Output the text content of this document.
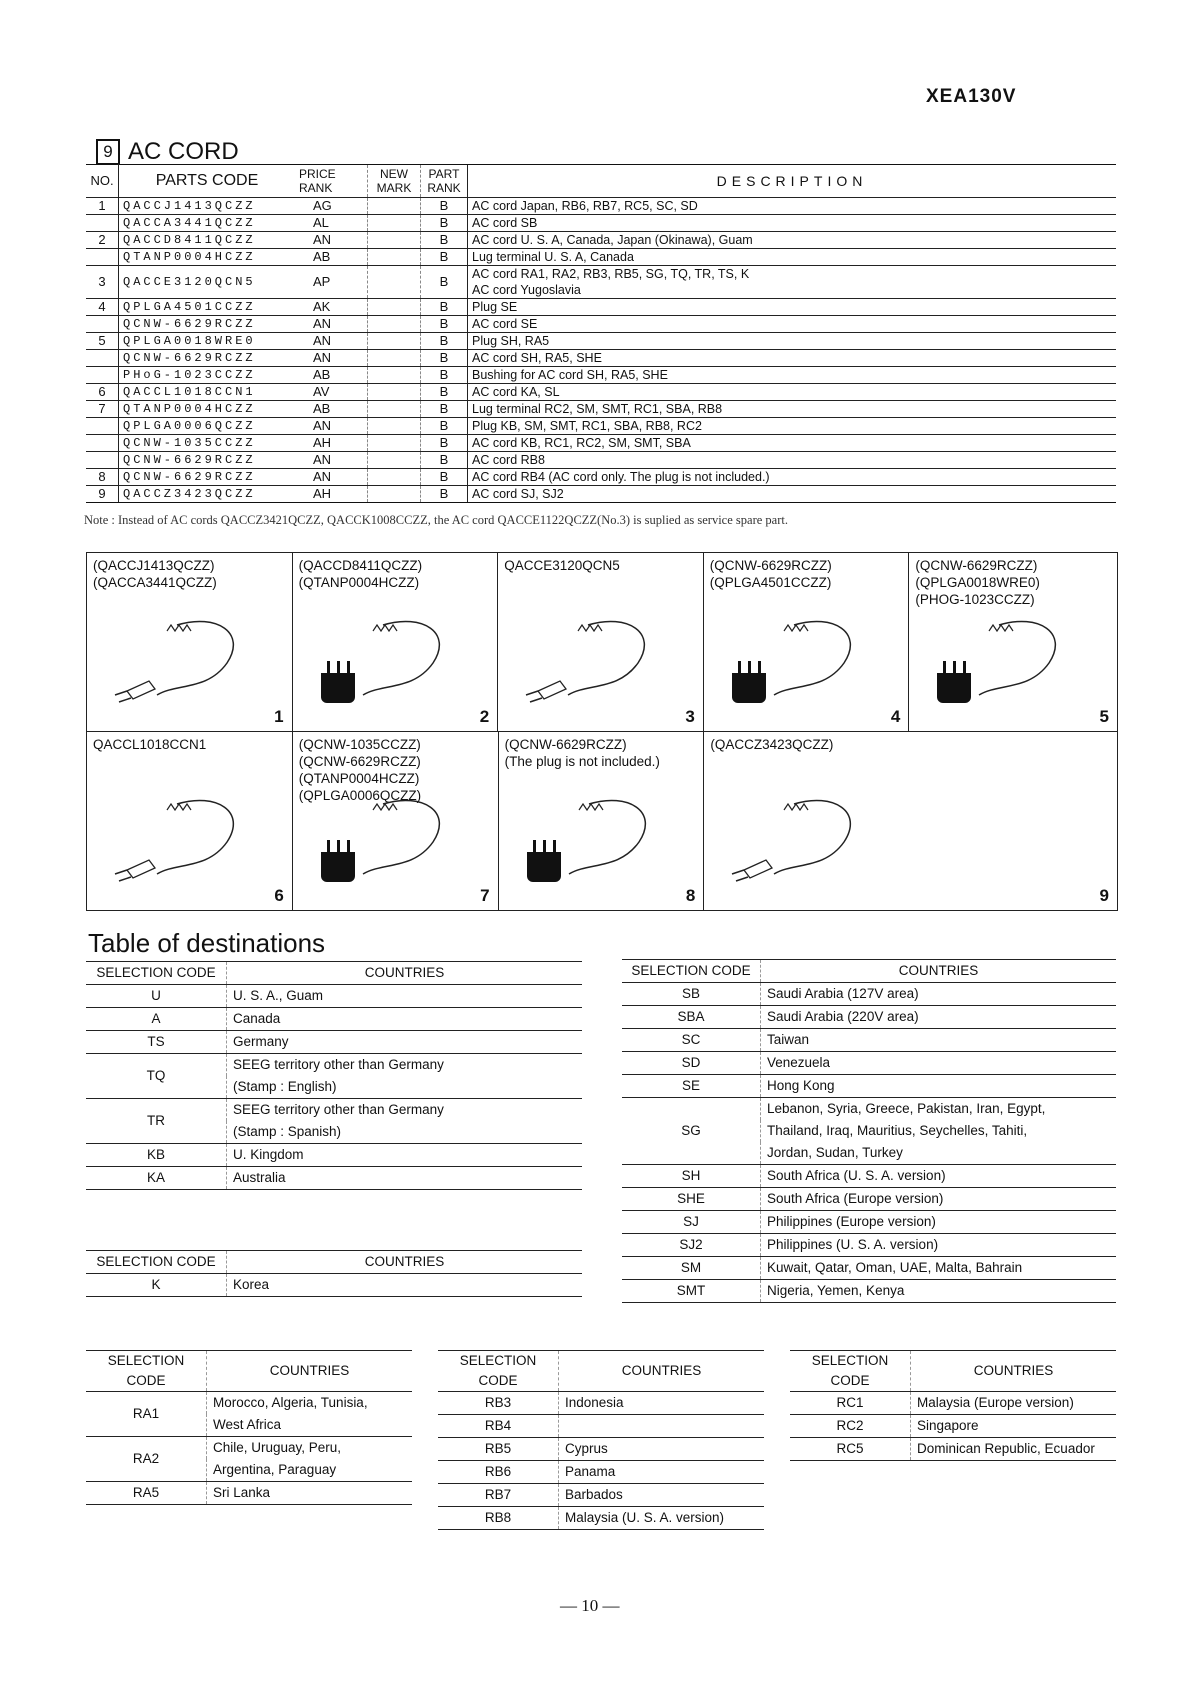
XEA130V
9 AC CORD
NO.	PARTS CODE	PRICE RANK	NEW MARK	PART RANK	DESCRIPTION
1	QACCJ1413QCZZ	AG		B	AC cord Japan, RB6, RB7, RC5, SC, SD
	QACCA3441QCZZ	AL		B	AC cord SB
2	QACCD8411QCZZ	AN		B	AC cord U. S. A, Canada, Japan (Okinawa), Guam
	QTANP0004HCZZ	AB		B	Lug terminal U. S. A, Canada
3	QACCE3120QCN5	AP		B	AC cord RA1, RA2, RB3, RB5, SG, TQ, TR, TS, K
AC cord Yugoslavia

4	QPLGA4501CCZZ	AK		B	Plug SE
	QCNW-6629RCZZ	AN		B	AC cord SE
5	QPLGA0018WRE0	AN		B	Plug SH, RA5
	QCNW-6629RCZZ	AN		B	AC cord SH, RA5, SHE
	PHoG-1023CCZZ	AB		B	Bushing for AC cord SH, RA5, SHE
6	QACCL1018CCN1	AV		B	AC cord KA, SL
7	QTANP0004HCZZ	AB		B	Lug terminal RC2, SM, SMT, RC1, SBA, RB8
	QPLGA0006QCZZ	AN		B	Plug KB, SM, SMT, RC1, SBA, RB8, RC2
	QCNW-1035CCZZ	AH		B	AC cord KB, RC1, RC2, SM, SMT, SBA
	QCNW-6629RCZZ	AN		B	AC cord RB8
8	QCNW-6629RCZZ	AN		B	AC cord RB4 (AC cord only. The plug is not included.)
9	QACCZ3423QCZZ	AH		B	AC cord SJ, SJ2
Note : Instead of AC cords QACCZ3421QCZZ, QACCK1008CCZZ, the AC cord QACCE1122QCZZ(No.3) is suplied as service spare part.
(QACCJ1413QCZZ)
(QACCA3441QCZZ)
1
(QACCD8411QCZZ)
(QTANP0004HCZZ)
2
QACCE3120QCN5
3
(QCNW-6629RCZZ)
(QPLGA4501CCZZ)
4
(QCNW-6629RCZZ)
(QPLGA0018WRE0)
(PHOG-1023CCZZ)
5
QACCL1018CCN1
6
(QCNW-1035CCZZ)
(QCNW-6629RCZZ)
(QTANP0004HCZZ)
(QPLGA0006QCZZ)
7
(QCNW-6629RCZZ)
(The plug is not included.)
8
(QACCZ3423QCZZ)
9
Table of destinations
SELECTION CODE	COUNTRIES
U	U. S. A., Guam
A	Canada
TS	Germany
TQ	SEEG territory other than Germany
	(Stamp : English)
TR	SEEG territory other than Germany
	(Stamp : Spanish)
KB	U. Kingdom
KA	Australia
SELECTION CODE	COUNTRIES
K	Korea
SELECTION CODE	COUNTRIES
SB	Saudi Arabia (127V area)
SBA	Saudi Arabia (220V area)
SC	Taiwan
SD	Venezuela
SE	Hong Kong
SG	Lebanon, Syria, Greece, Pakistan, Iran, Egypt,
	Thailand, Iraq, Mauritius, Seychelles, Tahiti,
	Jordan, Sudan, Turkey
SH	South Africa (U. S. A. version)
SHE	South Africa (Europe version)
SJ	Philippines (Europe version)
SJ2	Philippines (U. S. A. version)
SM	Kuwait, Qatar, Oman, UAE, Malta, Bahrain
SMT	Nigeria, Yemen, Kenya
SELECTION CODE	COUNTRIES
RA1	Morocco, Algeria, Tunisia,
	West Africa
RA2	Chile, Uruguay, Peru,
	Argentina, Paraguay
RA5	Sri Lanka
SELECTION CODE	COUNTRIES
RB3	Indonesia
RB4	
RB5	Cyprus
RB6	Panama
RB7	Barbados
RB8	Malaysia (U. S. A. version)
SELECTION CODE	COUNTRIES
RC1	Malaysia (Europe version)
RC2	Singapore
RC5	Dominican Republic, Ecuador
— 10 —
